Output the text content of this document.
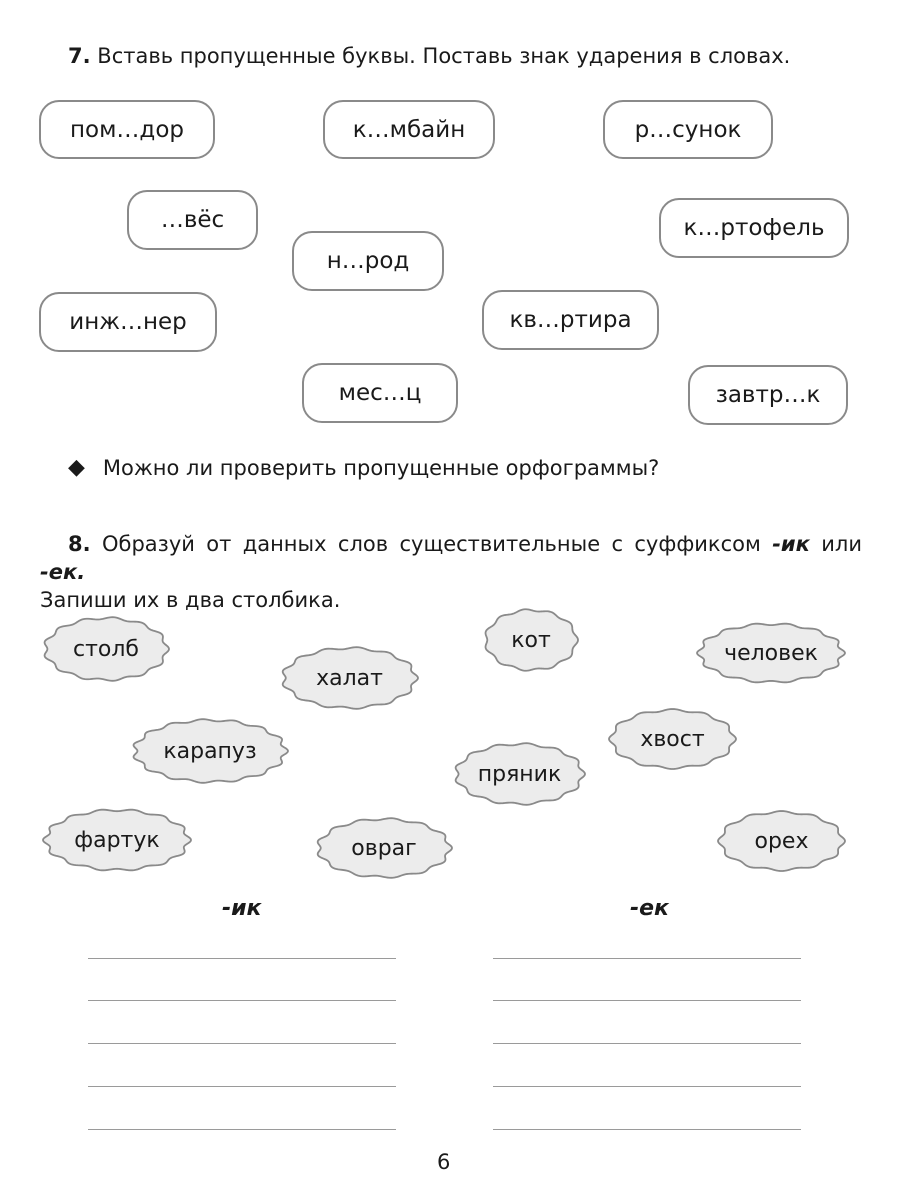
7. Вставь пропущенные буквы. Поставь знак ударения в словах.
пом…дор	к…мбайн	р…сунок
…вёс	к…ртофель
н…род
инж…нер	кв…ртира
мес…ц	завтр…к
◆ Можно ли проверить пропущенные орфограммы?
8. Образуй от данных слов существительные с суффиксом -ик или -ек.
Запиши их в два столбика.
столб	кот
человек
халат
хвост
карапуз
пряник
фартук	овраг	орех
-ик	-ек
6
